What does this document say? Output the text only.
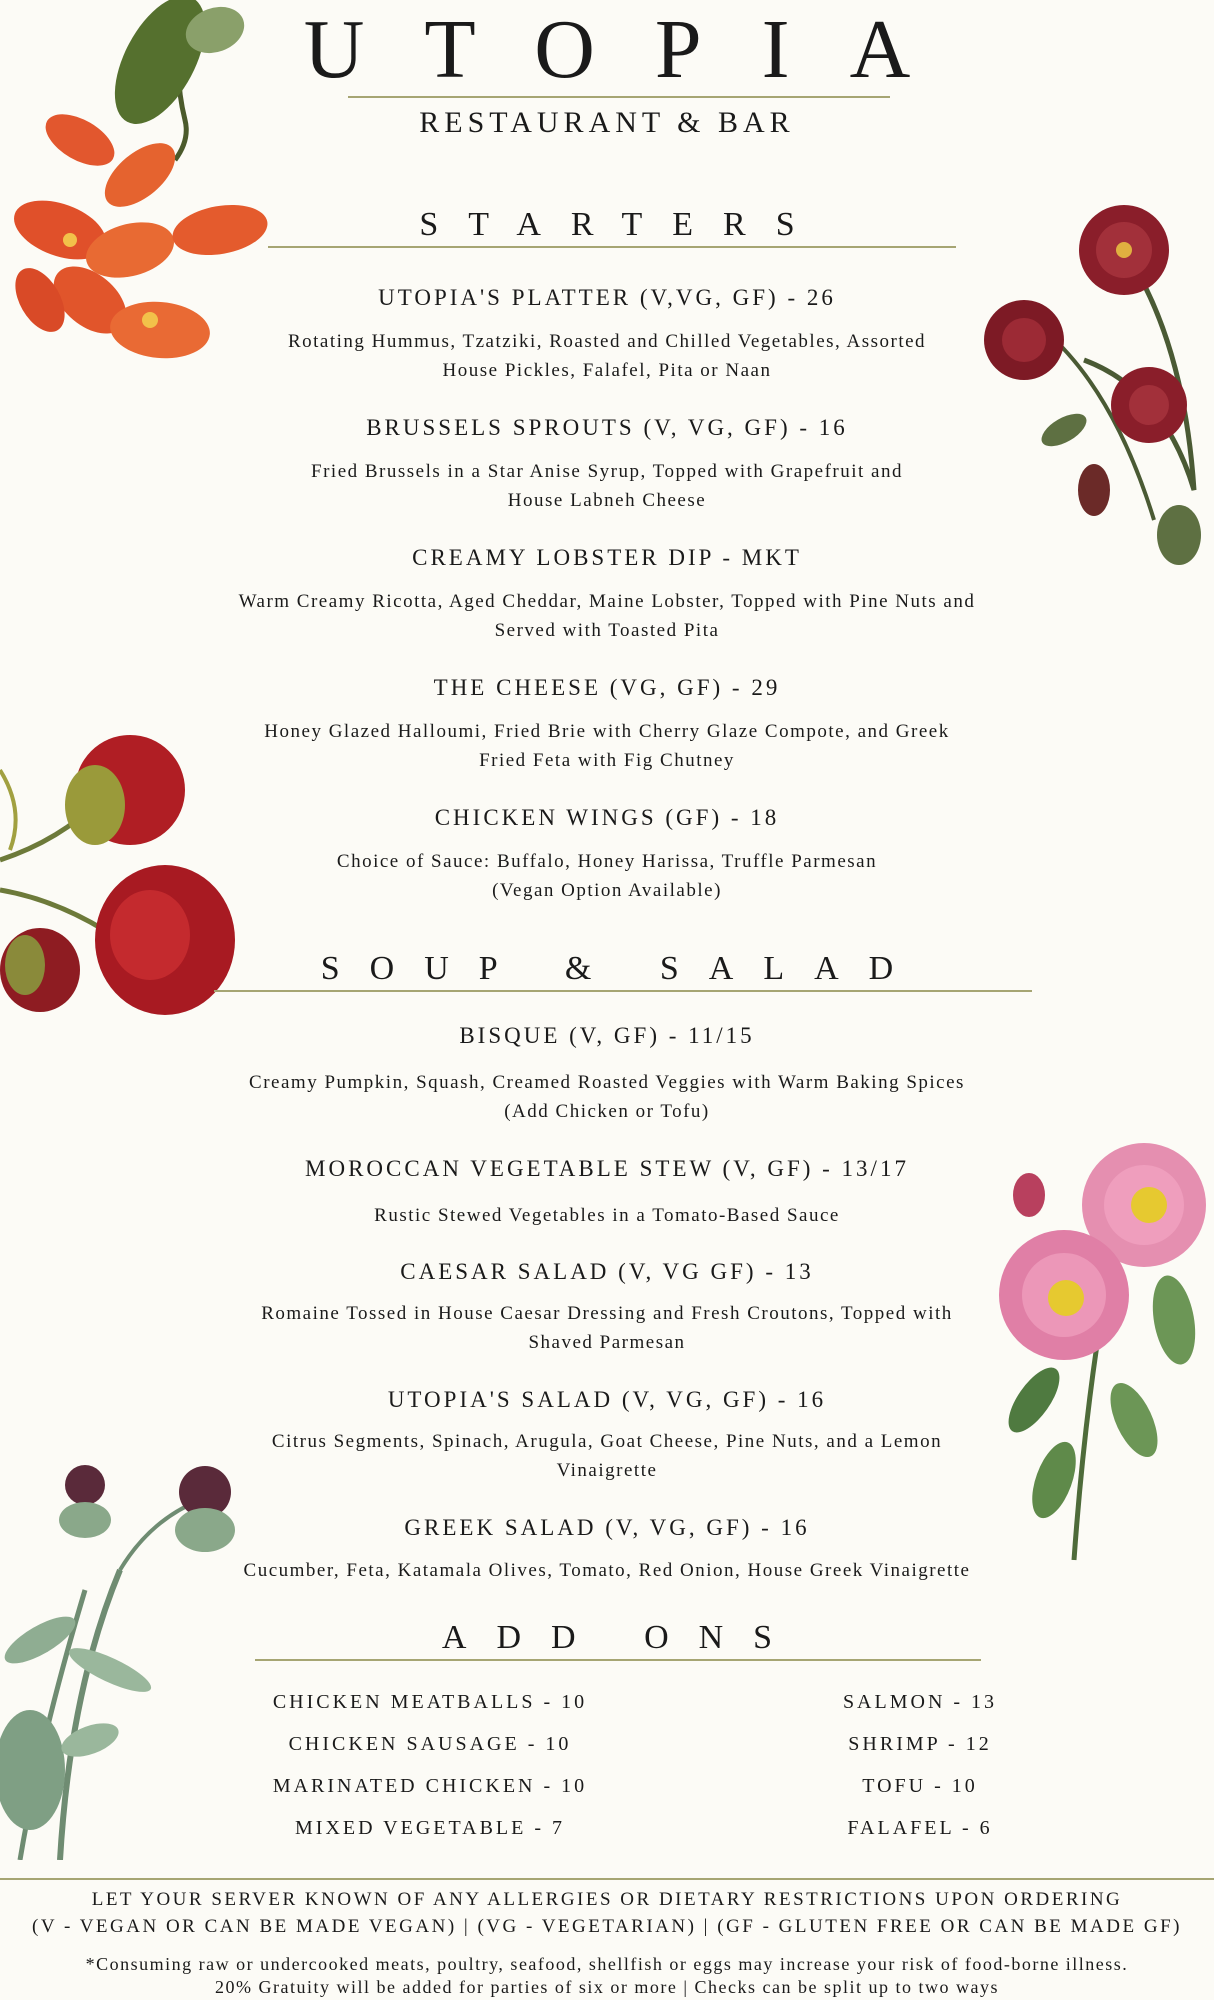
UTOPIA
RESTAURANT & BAR
STARTERS
UTOPIA'S PLATTER (V,VG, GF) - 26
Rotating Hummus, Tzatziki, Roasted and Chilled Vegetables, Assorted
House Pickles, Falafel, Pita or Naan
BRUSSELS SPROUTS (V, VG, GF) - 16
Fried Brussels in a Star Anise Syrup, Topped with Grapefruit and
House Labneh Cheese
CREAMY LOBSTER DIP - MKT
Warm Creamy Ricotta, Aged Cheddar, Maine Lobster, Topped with Pine Nuts and
Served with Toasted Pita
THE CHEESE (VG, GF) - 29
Honey Glazed Halloumi, Fried Brie with Cherry Glaze Compote, and Greek
Fried Feta with Fig Chutney
CHICKEN WINGS (GF) - 18
Choice of Sauce: Buffalo, Honey Harissa, Truffle Parmesan
(Vegan Option Available)
SOUP & SALAD
BISQUE (V, GF) - 11/15
Creamy Pumpkin, Squash, Creamed Roasted Veggies with Warm Baking Spices
(Add Chicken or Tofu)
MOROCCAN VEGETABLE STEW (V, GF) - 13/17
Rustic Stewed Vegetables in a Tomato-Based Sauce
CAESAR SALAD (V, VG GF) - 13
Romaine Tossed in House Caesar Dressing and Fresh Croutons, Topped with
Shaved Parmesan
UTOPIA'S SALAD (V, VG, GF) - 16
Citrus Segments, Spinach, Arugula, Goat Cheese, Pine Nuts, and a Lemon
Vinaigrette
GREEK SALAD (V, VG, GF) - 16
Cucumber, Feta, Katamala Olives, Tomato, Red Onion, House Greek Vinaigrette
ADD ONS
CHICKEN MEATBALLS - 10
CHICKEN SAUSAGE - 10
MARINATED CHICKEN - 10
MIXED VEGETABLE - 7
SALMON - 13
SHRIMP - 12
TOFU - 10
FALAFEL - 6
LET YOUR SERVER KNOWN OF ANY ALLERGIES OR DIETARY RESTRICTIONS UPON ORDERING
(V - VEGAN OR CAN BE MADE VEGAN) | (VG - VEGETARIAN) | (GF - GLUTEN FREE OR CAN BE MADE GF)
*Consuming raw or undercooked meats, poultry, seafood, shellfish or eggs may increase your risk of food-borne illness.
20% Gratuity will be added for parties of six or more | Checks can be split up to two ways
